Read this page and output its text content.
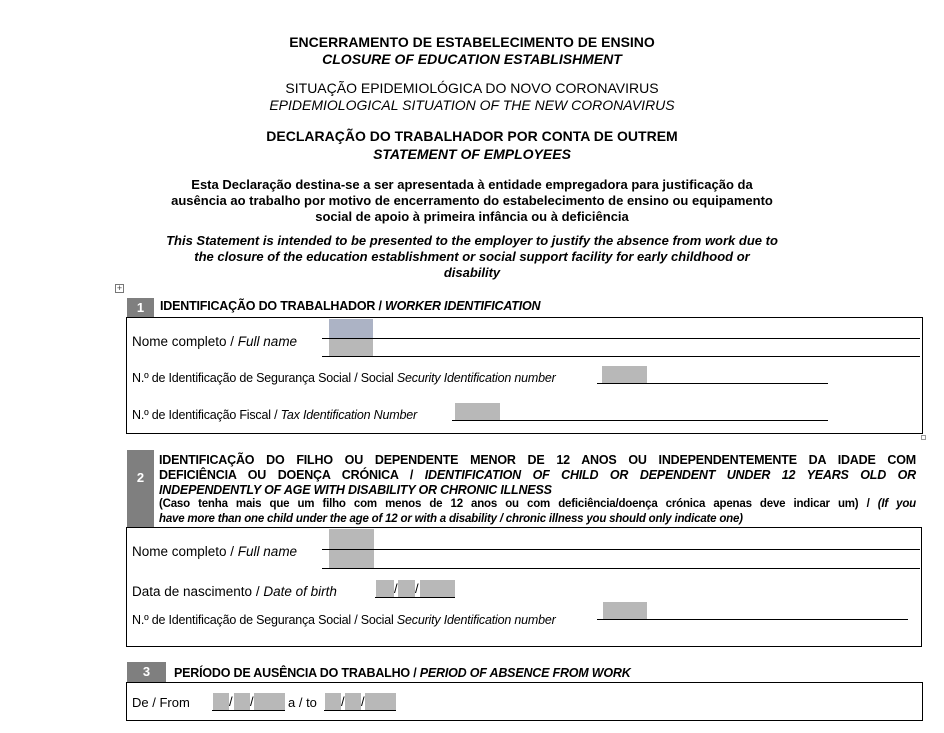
ENCERRAMENTO DE ESTABELECIMENTO DE ENSINO
CLOSURE OF EDUCATION ESTABLISHMENT
SITUAÇÃO EPIDEMIOLÓGICA DO NOVO CORONAVIRUS
EPIDEMIOLOGICAL SITUATION OF THE NEW CORONAVIRUS
DECLARAÇÃO DO TRABALHADOR POR CONTA DE OUTREM
STATEMENT OF EMPLOYEES
Esta Declaração destina-se a ser apresentada à entidade empregadora para justificação da
ausência ao trabalho por motivo de encerramento do estabelecimento de ensino ou equipamento
social de apoio à primeira infância ou à deficiência
This Statement is intended to be presented to the employer to justify the absence from work due to
the closure of the education establishment or social support facility for early childhood or
disability
+
1	IDENTIFICAÇÃO DO TRABALHADOR / WORKER IDENTIFICATION
Nome completo / Full name
N.º de Identificação de Segurança Social / Social Security Identification number
N.º de Identificação Fiscal / Tax Identification Number
2
IDENTIFICAÇÃO DO FILHO OU DEPENDENTE MENOR DE 12 ANOS OU INDEPENDENTEMENTE DA IDADE COM
DEFICIÊNCIA OU DOENÇA CRÓNICA / IDENTIFICATION OF CHILD OR DEPENDENT UNDER 12 YEARS OLD OR
INDEPENDENTLY OF AGE WITH DISABILITY OR CHRONIC ILLNESS
(Caso tenha mais que um filho com menos de 12 anos ou com deficiência/doença crónica apenas deve indicar um) / (If you
have more than one child under the age of 12 or with a disability / chronic illness you should only indicate one)
Nome completo / Full name
Data de nascimento / Date of birth	/ /
N.º de Identificação de Segurança Social / Social Security Identification number
3	PERÍODO DE AUSÊNCIA DO TRABALHO / PERIOD OF ABSENCE FROM WORK
De / From	/ /	a / to / /
